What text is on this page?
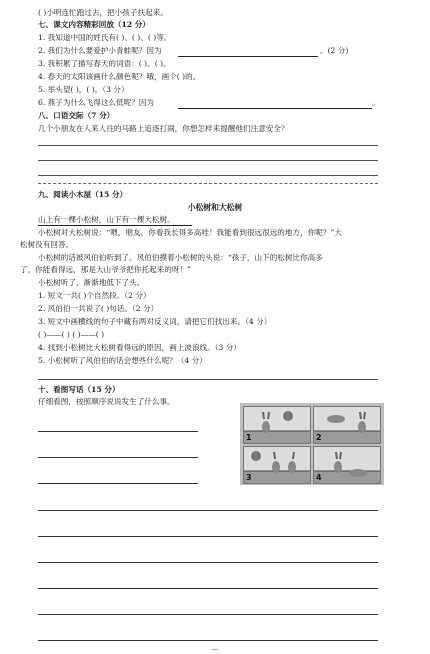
( )小明连忙跑过去，把小孩子扶起来。
七、课文内容精彩回放（12 分）
1. 我知道中国的姓氏有( )、( )、( )等。
2. 我们为什么要爱护小青蛙呢？因为	。(2 分)
3. 我积累了描写春天的词语：( )、( )。
4. 春天的太阳该画什么颜色呢？哦，画个( )的。
5. 举头望( )，( )。（3 分）
6. 燕子为什么飞得这么低呢？因为	。
八、口语交际（7 分）
几个小朋友在人来人往的马路上追逐打闹，你想怎样来提醒他们注意安全？
九、阅读小木屋（15 分）
小松树和大松树
山上有一棵小松树，山下有一棵大松树。
小松树对大松树说：“喂，朋友，你看我长得多高哇！我能看到很远很远的地方，你呢？”大
松树没有回答。
小松树的话被风伯伯听到了。风伯伯摸着小松树的头说：“孩子，山下的松树比你高多
了，你能看得远，那是大山爷爷把你托起来的呀！”
小松树听了，渐渐地低下了头。
1. 短文一共( )个自然段。（2 分）
2. 风伯伯一共说了( )句话。（2 分）
3. 短文中画横线的句子中藏有两对反义词，请把它们找出来。（4 分）
( )——( ) ( )——( )
4. 找到小松树比大松树看得远的原因，画上波浪线。（3 分）
5. 小松树听了风伯伯的话会想些什么呢？（4 分）
十、看图写话（15 分）
仔细看图，按照顺序说说发生了什么事。
1	2
3	4
—
